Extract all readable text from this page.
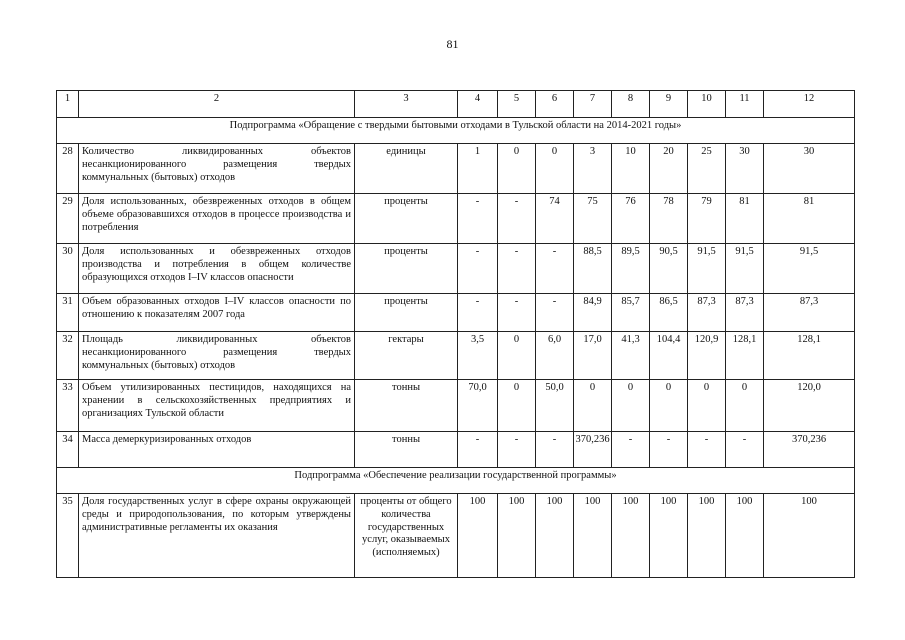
81
1	2	3	4	5	6	7	8	9	10	11	12
Подпрограмма «Обращение с твердыми бытовыми отходами в Тульской области на 2014-2021 годы»											
28	Количество ликвидированных объектов несанкционированного размещения твердых коммунальных (бытовых) отходов	единицы	1	0	0	3	10	20	25	30	30
29	Доля использованных, обезвреженных отходов в общем объеме образовавшихся отходов в процессе производства и потребления	проценты	-	-	74	75	76	78	79	81	81
30	Доля использованных и обезвреженных отходов производства и потребления в общем количестве образующихся отходов I–IV классов опасности	проценты	-	-	-	88,5	89,5	90,5	91,5	91,5	91,5
31	Объем образованных отходов I–IV классов опасности по отношению к показателям 2007 года	проценты	-	-	-	84,9	85,7	86,5	87,3	87,3	87,3
32	Площадь ликвидированных объектов несанкционированного размещения твердых коммунальных (бытовых) отходов	гектары	3,5	0	6,0	17,0	41,3	104,4	120,9	128,1	128,1
33	Объем утилизированных пестицидов, находящихся на хранении в сельскохозяйственных предприятиях и организациях Тульской области	тонны	70,0	0	50,0	0	0	0	0	0	120,0
34	Масса демеркуризированных отходов	тонны	-	-	-	370,236	-	-	-	-	370,236
Подпрограмма «Обеспечение реализации государственной программы»											
35	Доля государственных услуг в сфере охраны окружающей среды и природопользования, по которым утверждены административные регламенты их оказания	проценты от общего количества государственных услуг, оказываемых (исполняемых)	100	100	100	100	100	100	100	100	100
